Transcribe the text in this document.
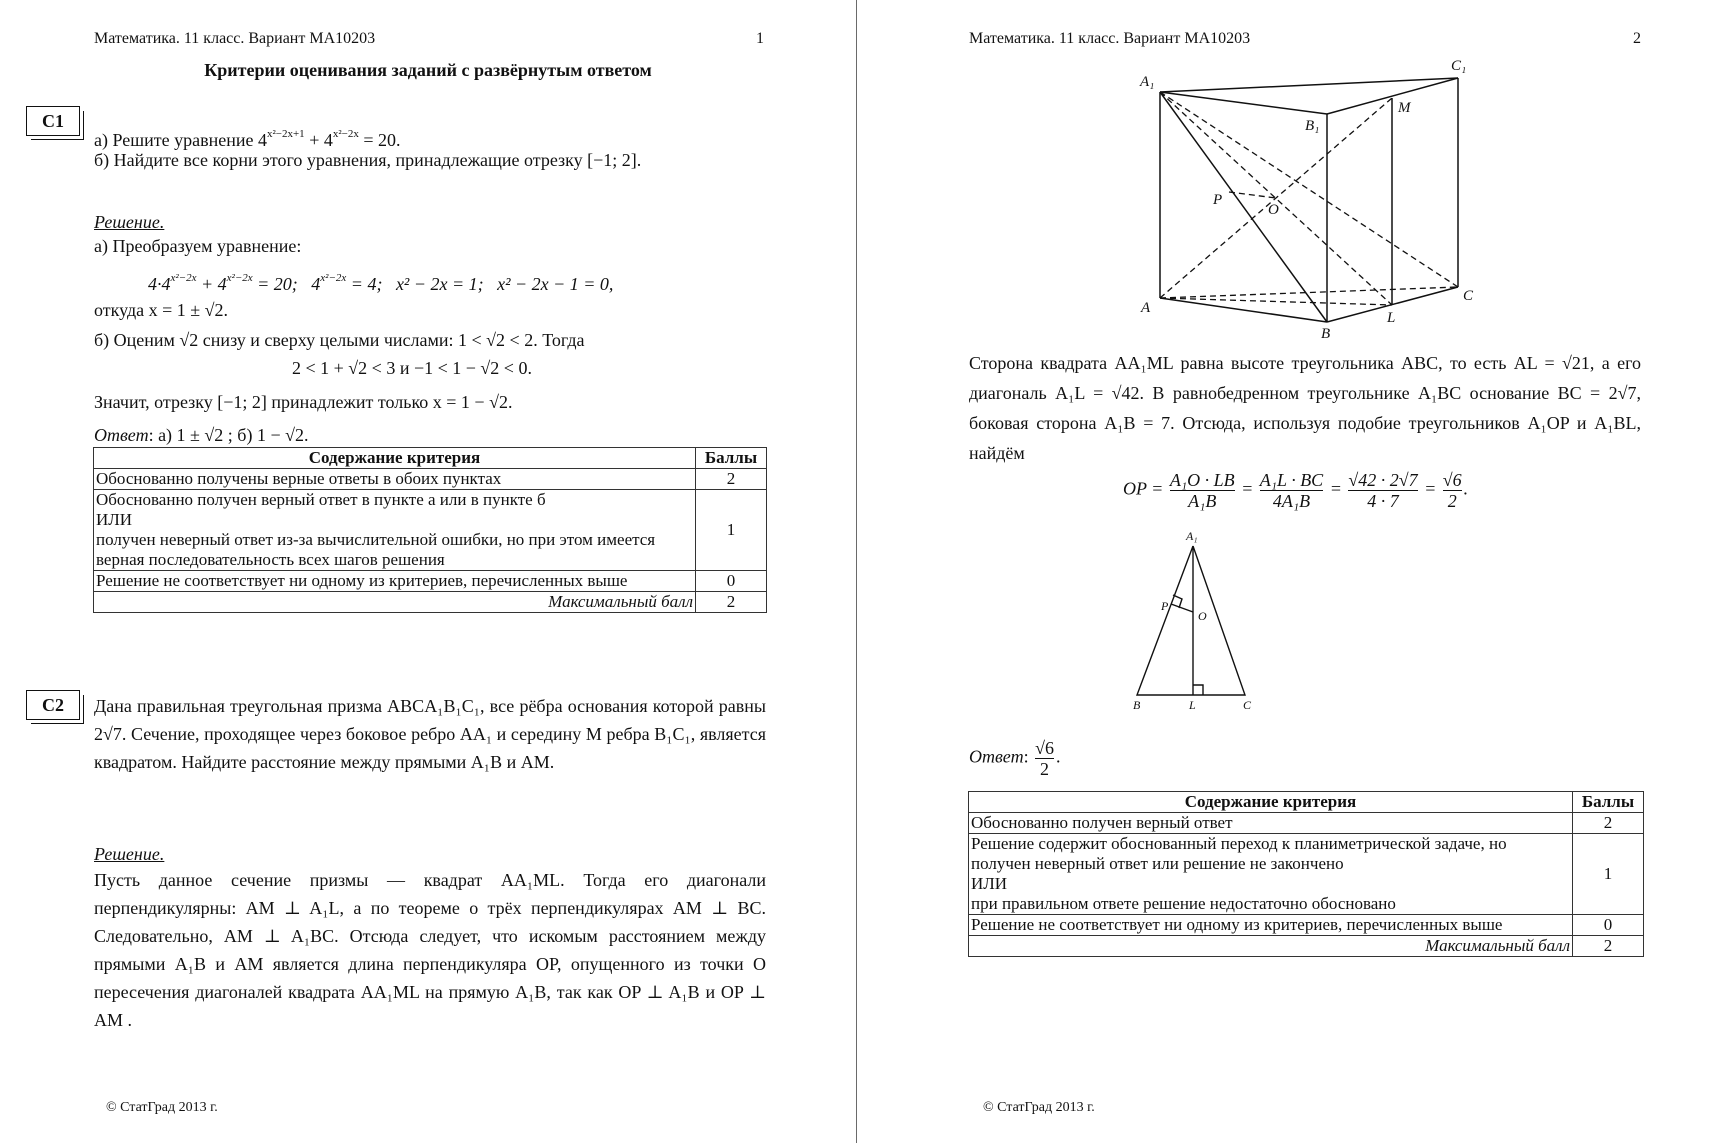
Математика. 11 класс. Вариант МА10203	1
Критерии оценивания заданий с развёрнутым ответом
C1
а) Решите уравнение $4^{x^2-2x+1} + 4^{x^2-2x} = 20$.
б) Найдите все корни этого уравнения, принадлежащие отрезку [−1; 2].
Решение.
а) Преобразуем уравнение:
$4\cdot 4^{x^2-2x} + 4^{x^2-2x} = 20$;   $4^{x^2-2x} = 4$;   x² − 2x = 1;   x² − 2x − 1 = 0,
откуда x = 1 ± √2.
б) Оценим √2 снизу и сверху целыми числами: 1 < √2 < 2. Тогда
2 < 1 + √2 < 3 и −1 < 1 − √2 < 0.
Значит, отрезку [−1; 2] принадлежит только x = 1 − √2.
Ответ: а) 1 ± √2 ; б) 1 − √2.
Содержание критерия	Баллы
Обоснованно получены верные ответы в обоих пунктах	2

Обоснованно получен верный ответ в пункте а или в пункте б
ИЛИ
получен неверный ответ из-за вычислительной ошибки, но при этом имеется верная последовательность всех шагов решения	1
Решение не соответствует ни одному из критериев, перечисленных выше	0
Максимальный балл	2
C2	Дана правильная треугольная призма ABCA₁B₁C₁, все рёбра основания которой равны 2√7. Сечение, проходящее через боковое ребро AA₁ и середину M ребра B₁C₁, является квадратом. Найдите расстояние между прямыми A₁B и AM.
Решение.
Пусть данное сечение призмы — квадрат AA₁ML. Тогда его диагонали перпендикулярны: AM ⊥ A₁L, а по теореме о трёх перпендикулярах AM ⊥ BC. Следовательно, AM ⊥ A₁BC. Отсюда следует, что искомым расстоянием между прямыми A₁B и AM является длина перпендикуляра OP, опущенного из точки O пересечения диагоналей квадрата AA₁ML на прямую A₁B, так как OP ⊥ A₁B и OP ⊥ AM .
© СтатГрад 2013 г.
Математика. 11 класс. Вариант МА10203	2
A₁
C₁
B₁
M
P
O
A
B
L
C
Сторона квадрата AA₁ML равна высоте треугольника ABC, то есть AL = √21, а его диагональ A₁L = √42. В равнобедренном треугольнике A₁BC основание BC = 2√7, боковая сторона A₁B = 7. Отсюда, используя подобие треугольников A₁OP и A₁BL, найдём
OP = $\frac{\text{A₁O · LB}}{\text{A₁B}} = \frac{\text{A₁L · BC}}{\text{4A₁B}} = \frac{√42 \cdot 2√7}{4 \cdot 7} = \frac{√6}{2}$ .
A₁
P
O
B	L	C
Ответ: $\frac{√6}{2}$ .
Содержание критерия	Баллы
Обоснованно получен верный ответ	2

Решение содержит обоснованный переход к планиметрической задаче, но получен неверный ответ или решение не закончено
ИЛИ
при правильном ответе решение недостаточно обосновано	1
Решение не соответствует ни одному из критериев, перечисленных выше	0
Максимальный балл	2
© СтатГрад 2013 г.
